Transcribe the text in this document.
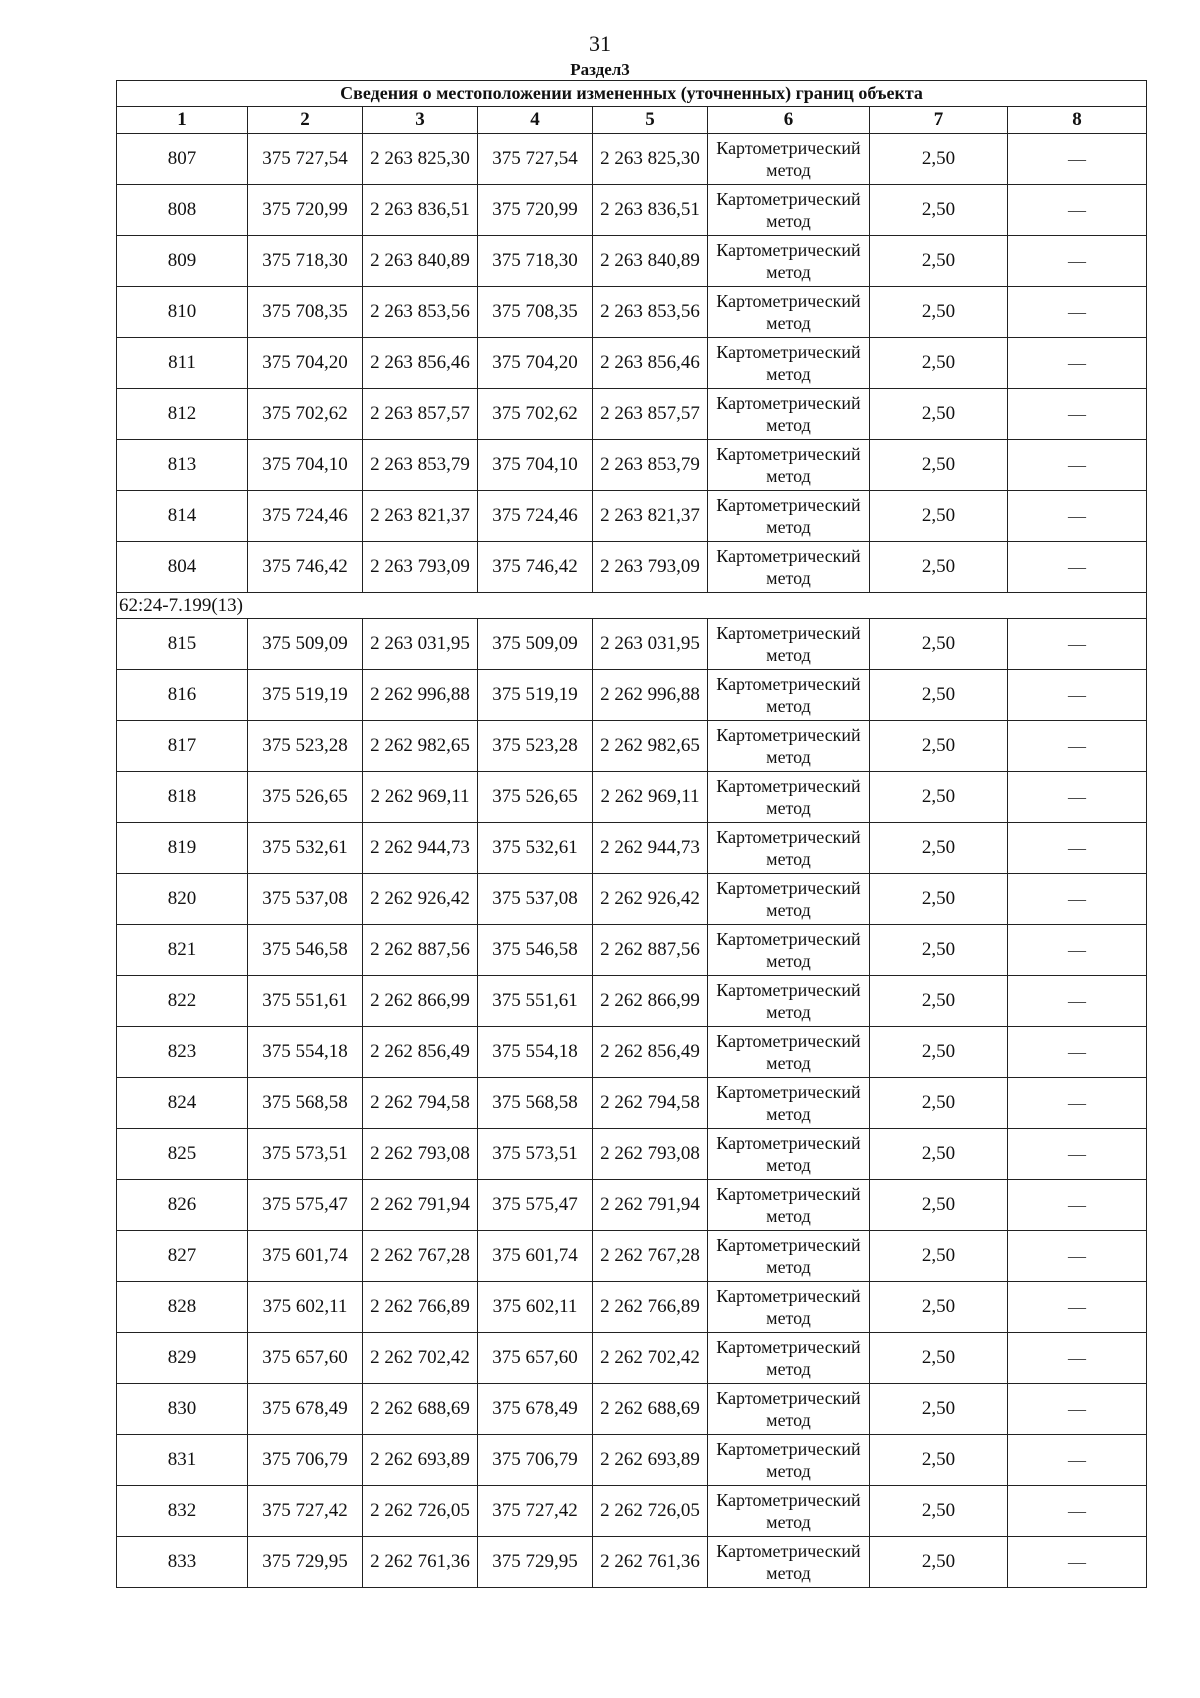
31
Раздел3
Сведения о местоположении измененных (уточненных) границ объекта							
1	2	3	4	5	6	7	8
807	375 727,54	2 263 825,30	375 727,54	2 263 825,30	Картометрический метод	2,50	—
808	375 720,99	2 263 836,51	375 720,99	2 263 836,51	Картометрический метод	2,50	—
809	375 718,30	2 263 840,89	375 718,30	2 263 840,89	Картометрический метод	2,50	—
810	375 708,35	2 263 853,56	375 708,35	2 263 853,56	Картометрический метод	2,50	—
811	375 704,20	2 263 856,46	375 704,20	2 263 856,46	Картометрический метод	2,50	—
812	375 702,62	2 263 857,57	375 702,62	2 263 857,57	Картометрический метод	2,50	—
813	375 704,10	2 263 853,79	375 704,10	2 263 853,79	Картометрический метод	2,50	—
814	375 724,46	2 263 821,37	375 724,46	2 263 821,37	Картометрический метод	2,50	—
804	375 746,42	2 263 793,09	375 746,42	2 263 793,09	Картометрический метод	2,50	—
62:24-7.199(13)							
815	375 509,09	2 263 031,95	375 509,09	2 263 031,95	Картометрический метод	2,50	—
816	375 519,19	2 262 996,88	375 519,19	2 262 996,88	Картометрический метод	2,50	—
817	375 523,28	2 262 982,65	375 523,28	2 262 982,65	Картометрический метод	2,50	—
818	375 526,65	2 262 969,11	375 526,65	2 262 969,11	Картометрический метод	2,50	—
819	375 532,61	2 262 944,73	375 532,61	2 262 944,73	Картометрический метод	2,50	—
820	375 537,08	2 262 926,42	375 537,08	2 262 926,42	Картометрический метод	2,50	—
821	375 546,58	2 262 887,56	375 546,58	2 262 887,56	Картометрический метод	2,50	—
822	375 551,61	2 262 866,99	375 551,61	2 262 866,99	Картометрический метод	2,50	—
823	375 554,18	2 262 856,49	375 554,18	2 262 856,49	Картометрический метод	2,50	—
824	375 568,58	2 262 794,58	375 568,58	2 262 794,58	Картометрический метод	2,50	—
825	375 573,51	2 262 793,08	375 573,51	2 262 793,08	Картометрический метод	2,50	—
826	375 575,47	2 262 791,94	375 575,47	2 262 791,94	Картометрический метод	2,50	—
827	375 601,74	2 262 767,28	375 601,74	2 262 767,28	Картометрический метод	2,50	—
828	375 602,11	2 262 766,89	375 602,11	2 262 766,89	Картометрический метод	2,50	—
829	375 657,60	2 262 702,42	375 657,60	2 262 702,42	Картометрический метод	2,50	—
830	375 678,49	2 262 688,69	375 678,49	2 262 688,69	Картометрический метод	2,50	—
831	375 706,79	2 262 693,89	375 706,79	2 262 693,89	Картометрический метод	2,50	—
832	375 727,42	2 262 726,05	375 727,42	2 262 726,05	Картометрический метод	2,50	—
833	375 729,95	2 262 761,36	375 729,95	2 262 761,36	Картометрический метод	2,50	—
